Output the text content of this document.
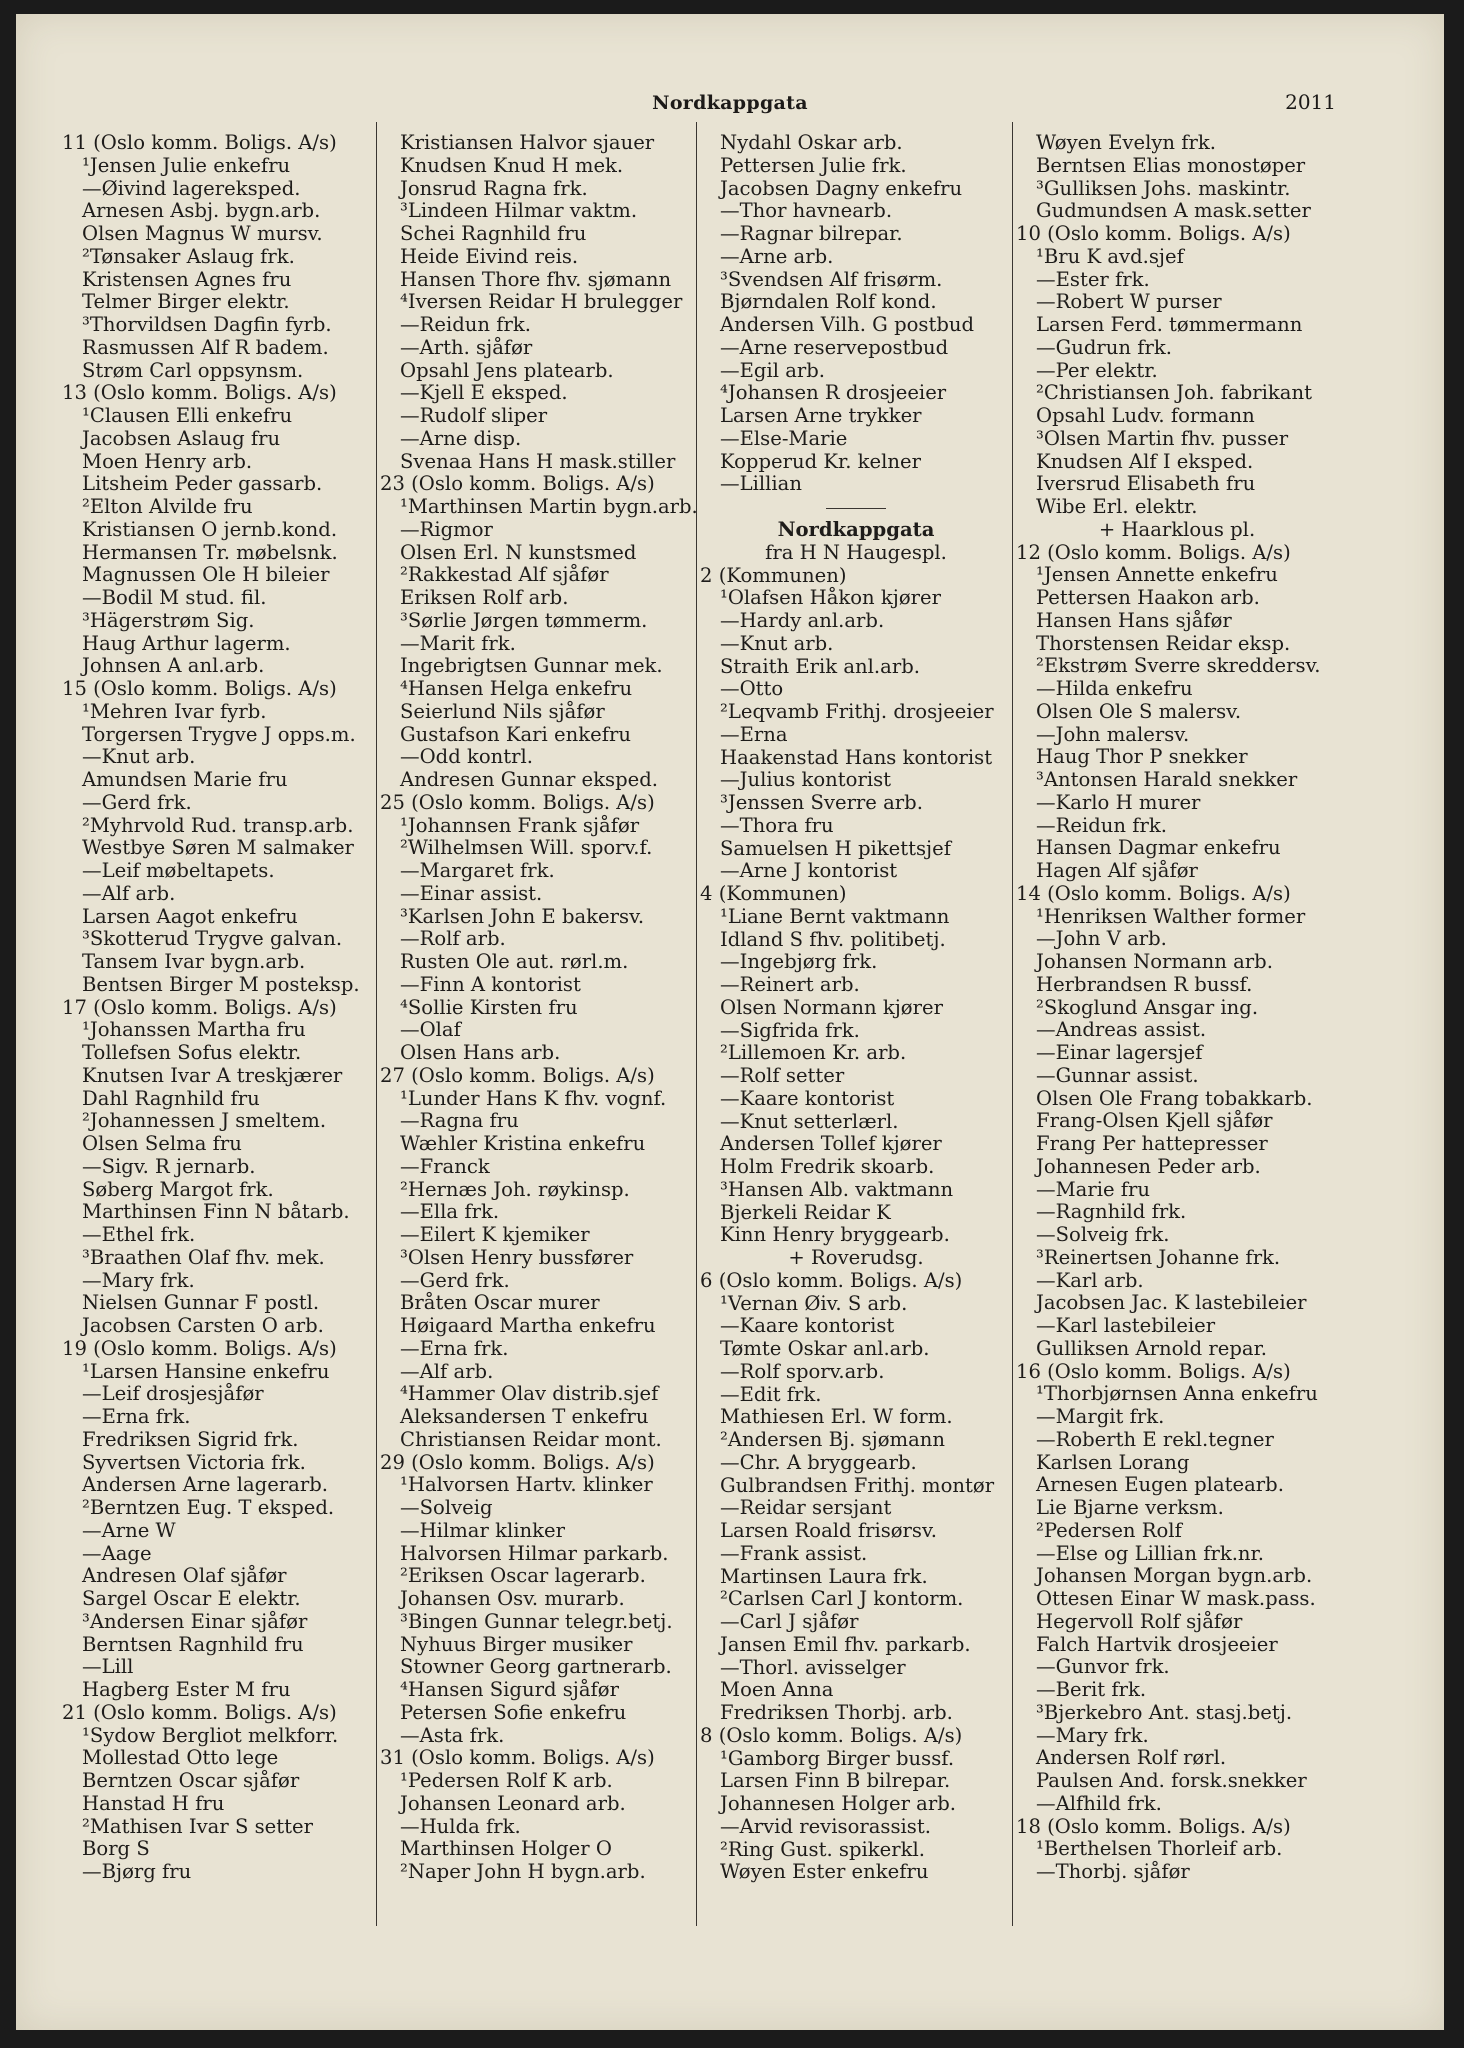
Nordkappgata	2011
11 (Oslo komm. Boligs. A/s)
¹Jensen Julie enkefru
—Øivind lagereksped.
Arnesen Asbj. bygn.arb.
Olsen Magnus W mursv.
²Tønsaker Aslaug frk.
Kristensen Agnes fru
Telmer Birger elektr.
³Thorvildsen Dagfin fyrb.
Rasmussen Alf R badem.
Strøm Carl oppsynsm.
13 (Oslo komm. Boligs. A/s)
¹Clausen Elli enkefru
Jacobsen Aslaug fru
Moen Henry arb.
Litsheim Peder gassarb.
²Elton Alvilde fru
Kristiansen O jernb.kond.
Hermansen Tr. møbelsnk.
Magnussen Ole H bileier
—Bodil M stud. fil.
³Hägerstrøm Sig.
Haug Arthur lagerm.
Johnsen A anl.arb.
15 (Oslo komm. Boligs. A/s)
¹Mehren Ivar fyrb.
Torgersen Trygve J opps.m.
—Knut arb.
Amundsen Marie fru
—Gerd frk.
²Myhrvold Rud. transp.arb.
Westbye Søren M salmaker
—Leif møbeltapets.
—Alf arb.
Larsen Aagot enkefru
³Skotterud Trygve galvan.
Tansem Ivar bygn.arb.
Bentsen Birger M posteksp.
17 (Oslo komm. Boligs. A/s)
¹Johanssen Martha fru
Tollefsen Sofus elektr.
Knutsen Ivar A treskjærer
Dahl Ragnhild fru
²Johannessen J smeltem.
Olsen Selma fru
—Sigv. R jernarb.
Søberg Margot frk.
Marthinsen Finn N båtarb.
—Ethel frk.
³Braathen Olaf fhv. mek.
—Mary frk.
Nielsen Gunnar F postl.
Jacobsen Carsten O arb.
19 (Oslo komm. Boligs. A/s)
¹Larsen Hansine enkefru
—Leif drosjesjåfør
—Erna frk.
Fredriksen Sigrid frk.
Syvertsen Victoria frk.
Andersen Arne lagerarb.
²Berntzen Eug. T eksped.
—Arne W
—Aage
Andresen Olaf sjåfør
Sargel Oscar E elektr.
³Andersen Einar sjåfør
Berntsen Ragnhild fru
—Lill
Hagberg Ester M fru
21 (Oslo komm. Boligs. A/s)
¹Sydow Bergliot melkforr.
Mollestad Otto lege
Berntzen Oscar sjåfør
Hanstad H fru
²Mathisen Ivar S setter
Borg S
—Bjørg fru
Kristiansen Halvor sjauer
Knudsen Knud H mek.
Jonsrud Ragna frk.
³Lindeen Hilmar vaktm.
Schei Ragnhild fru
Heide Eivind reis.
Hansen Thore fhv. sjømann
⁴Iversen Reidar H brulegger
—Reidun frk.
—Arth. sjåfør
Opsahl Jens platearb.
—Kjell E eksped.
—Rudolf sliper
—Arne disp.
Svenaa Hans H mask.stiller
23 (Oslo komm. Boligs. A/s)
¹Marthinsen Martin bygn.arb.
—Rigmor
Olsen Erl. N kunstsmed
²Rakkestad Alf sjåfør
Eriksen Rolf arb.
³Sørlie Jørgen tømmerm.
—Marit frk.
Ingebrigtsen Gunnar mek.
⁴Hansen Helga enkefru
Seierlund Nils sjåfør
Gustafson Kari enkefru
—Odd kontrl.
Andresen Gunnar eksped.
25 (Oslo komm. Boligs. A/s)
¹Johannsen Frank sjåfør
²Wilhelmsen Will. sporv.f.
—Margaret frk.
—Einar assist.
³Karlsen John E bakersv.
—Rolf arb.
Rusten Ole aut. rørl.m.
—Finn A kontorist
⁴Sollie Kirsten fru
—Olaf
Olsen Hans arb.
27 (Oslo komm. Boligs. A/s)
¹Lunder Hans K fhv. vognf.
—Ragna fru
Wæhler Kristina enkefru
—Franck
²Hernæs Joh. røykinsp.
—Ella frk.
—Eilert K kjemiker
³Olsen Henry bussfører
—Gerd frk.
Bråten Oscar murer
Høigaard Martha enkefru
—Erna frk.
—Alf arb.
⁴Hammer Olav distrib.sjef
Aleksandersen T enkefru
Christiansen Reidar mont.
29 (Oslo komm. Boligs. A/s)
¹Halvorsen Hartv. klinker
—Solveig
—Hilmar klinker
Halvorsen Hilmar parkarb.
²Eriksen Oscar lagerarb.
Johansen Osv. murarb.
³Bingen Gunnar telegr.betj.
Nyhuus Birger musiker
Stowner Georg gartnerarb.
⁴Hansen Sigurd sjåfør
Petersen Sofie enkefru
—Asta frk.
31 (Oslo komm. Boligs. A/s)
¹Pedersen Rolf K arb.
Johansen Leonard arb.
—Hulda frk.
Marthinsen Holger O
²Naper John H bygn.arb.
Nydahl Oskar arb.
Pettersen Julie frk.
Jacobsen Dagny enkefru
—Thor havnearb.
—Ragnar bilrepar.
—Arne arb.
³Svendsen Alf frisørm.
Bjørndalen Rolf kond.
Andersen Vilh. G postbud
—Arne reservepostbud
—Egil arb.
⁴Johansen R drosjeeier
Larsen Arne trykker
—Else-Marie
Kopperud Kr. kelner
—Lillian
Nordkappgata
fra H N Haugespl.
2 (Kommunen)
¹Olafsen Håkon kjører
—Hardy anl.arb.
—Knut arb.
Straith Erik anl.arb.
—Otto
²Leqvamb Frithj. drosjeeier
—Erna
Haakenstad Hans kontorist
—Julius kontorist
³Jenssen Sverre arb.
—Thora fru
Samuelsen H pikettsjef
—Arne J kontorist
4 (Kommunen)
¹Liane Bernt vaktmann
Idland S fhv. politibetj.
—Ingebjørg frk.
—Reinert arb.
Olsen Normann kjører
—Sigfrida frk.
²Lillemoen Kr. arb.
—Rolf setter
—Kaare kontorist
—Knut setterlærl.
Andersen Tollef kjører
Holm Fredrik skoarb.
³Hansen Alb. vaktmann
Bjerkeli Reidar K
Kinn Henry bryggearb.
+ Roverudsg.
6 (Oslo komm. Boligs. A/s)
¹Vernan Øiv. S arb.
—Kaare kontorist
Tømte Oskar anl.arb.
—Rolf sporv.arb.
—Edit frk.
Mathiesen Erl. W form.
²Andersen Bj. sjømann
—Chr. A bryggearb.
Gulbrandsen Frithj. montør
—Reidar sersjant
Larsen Roald frisørsv.
—Frank assist.
Martinsen Laura frk.
²Carlsen Carl J kontorm.
—Carl J sjåfør
Jansen Emil fhv. parkarb.
—Thorl. avisselger
Moen Anna
Fredriksen Thorbj. arb.
8 (Oslo komm. Boligs. A/s)
¹Gamborg Birger bussf.
Larsen Finn B bilrepar.
Johannesen Holger arb.
—Arvid revisorassist.
²Ring Gust. spikerkl.
Wøyen Ester enkefru
Wøyen Evelyn frk.
Berntsen Elias monostøper
³Gulliksen Johs. maskintr.
Gudmundsen A mask.setter
10 (Oslo komm. Boligs. A/s)
¹Bru K avd.sjef
—Ester frk.
—Robert W purser
Larsen Ferd. tømmermann
—Gudrun frk.
—Per elektr.
²Christiansen Joh. fabrikant
Opsahl Ludv. formann
³Olsen Martin fhv. pusser
Knudsen Alf I eksped.
Iversrud Elisabeth fru
Wibe Erl. elektr.
+ Haarklous pl.
12 (Oslo komm. Boligs. A/s)
¹Jensen Annette enkefru
Pettersen Haakon arb.
Hansen Hans sjåfør
Thorstensen Reidar eksp.
²Ekstrøm Sverre skreddersv.
—Hilda enkefru
Olsen Ole S malersv.
—John malersv.
Haug Thor P snekker
³Antonsen Harald snekker
—Karlo H murer
—Reidun frk.
Hansen Dagmar enkefru
Hagen Alf sjåfør
14 (Oslo komm. Boligs. A/s)
¹Henriksen Walther former
—John V arb.
Johansen Normann arb.
Herbrandsen R bussf.
²Skoglund Ansgar ing.
—Andreas assist.
—Einar lagersjef
—Gunnar assist.
Olsen Ole Frang tobakkarb.
Frang-Olsen Kjell sjåfør
Frang Per hattepresser
Johannesen Peder arb.
—Marie fru
—Ragnhild frk.
—Solveig frk.
³Reinertsen Johanne frk.
—Karl arb.
Jacobsen Jac. K lastebileier
—Karl lastebileier
Gulliksen Arnold repar.
16 (Oslo komm. Boligs. A/s)
¹Thorbjørnsen Anna enkefru
—Margit frk.
—Roberth E rekl.tegner
Karlsen Lorang
Arnesen Eugen platearb.
Lie Bjarne verksm.
²Pedersen Rolf
—Else og Lillian frk.nr.
Johansen Morgan bygn.arb.
Ottesen Einar W mask.pass.
Hegervoll Rolf sjåfør
Falch Hartvik drosjeeier
—Gunvor frk.
—Berit frk.
³Bjerkebro Ant. stasj.betj.
—Mary frk.
Andersen Rolf rørl.
Paulsen And. forsk.snekker
—Alfhild frk.
18 (Oslo komm. Boligs. A/s)
¹Berthelsen Thorleif arb.
—Thorbj. sjåfør
